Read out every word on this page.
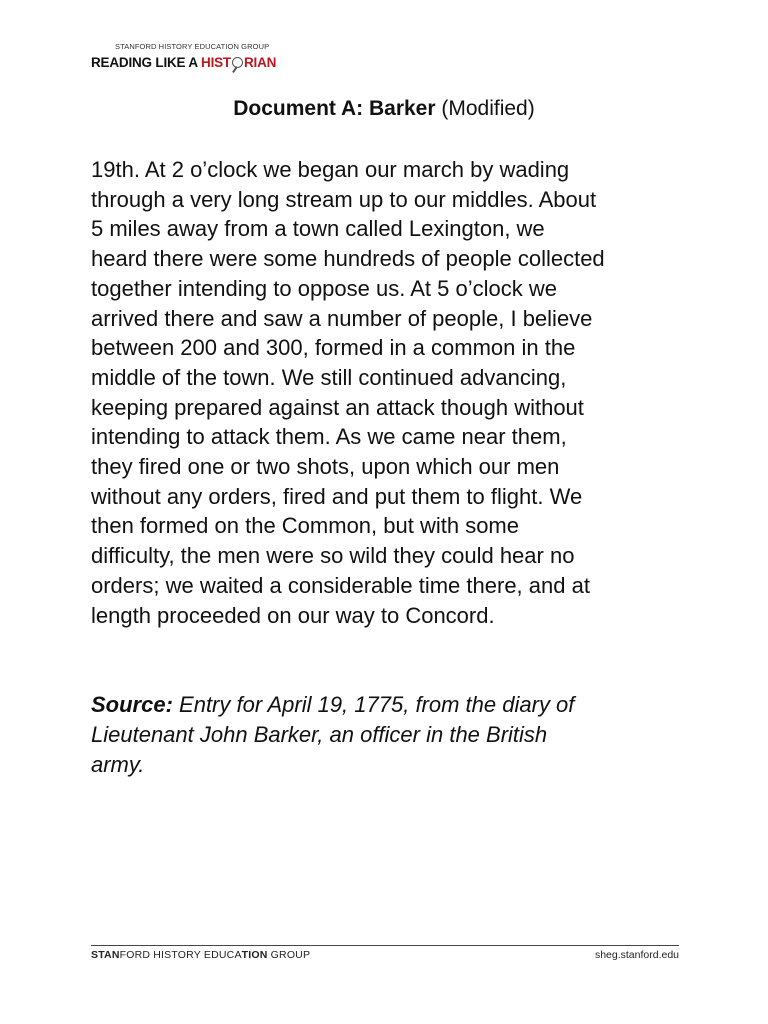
STANFORD HISTORY EDUCATION GROUP
READING LIKE A HIST RIAN
Document A: Barker (Modified)
19th. At 2 o’clock we began our march by wading
through a very long stream up to our middles. About
5 miles away from a town called Lexington, we
heard there were some hundreds of people collected
together intending to oppose us. At 5 o’clock we
arrived there and saw a number of people, I believe
between 200 and 300, formed in a common in the
middle of the town. We still continued advancing,
keeping prepared against an attack though without
intending to attack them. As we came near them,
they fired one or two shots, upon which our men
without any orders, fired and put them to flight. We
then formed on the Common, but with some
difficulty, the men were so wild they could hear no
orders; we waited a considerable time there, and at
length proceeded on our way to Concord.
Source: Entry for April 19, 1775, from the diary of
Lieutenant John Barker, an officer in the British
army.
STANFORD HISTORY EDUCATION GROUP	sheg.stanford.edu
